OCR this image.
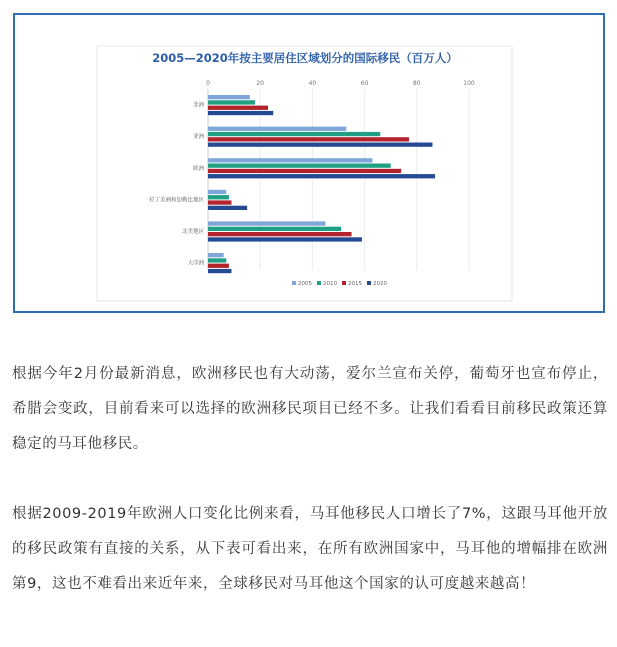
2005—2020年按主要居住区域划分的国际移民（百万人）
0	20	40	60	80	100
非洲
亚洲
欧洲
拉丁美洲和加勒比地区
北美地区
大洋洲
2005 2010 2015 2020

根据今年2月份最新消息，欧洲移民也有大动荡，爱尔兰宣布关停，葡萄牙也宣布停止，希腊会变政，目前看来可以选择的欧洲移民项目已经不多。让我们看看目前移民政策还算稳定的马耳他移民。

根据2009-2019年欧洲人口变化比例来看，马耳他移民人口增长了7%，这跟马耳他开放的移民政策有直接的关系，从下表可看出来，在所有欧洲国家中，马耳他的增幅排在欧洲第9，这也不难看出来近年来，全球移民对马耳他这个国家的认可度越来越高！
